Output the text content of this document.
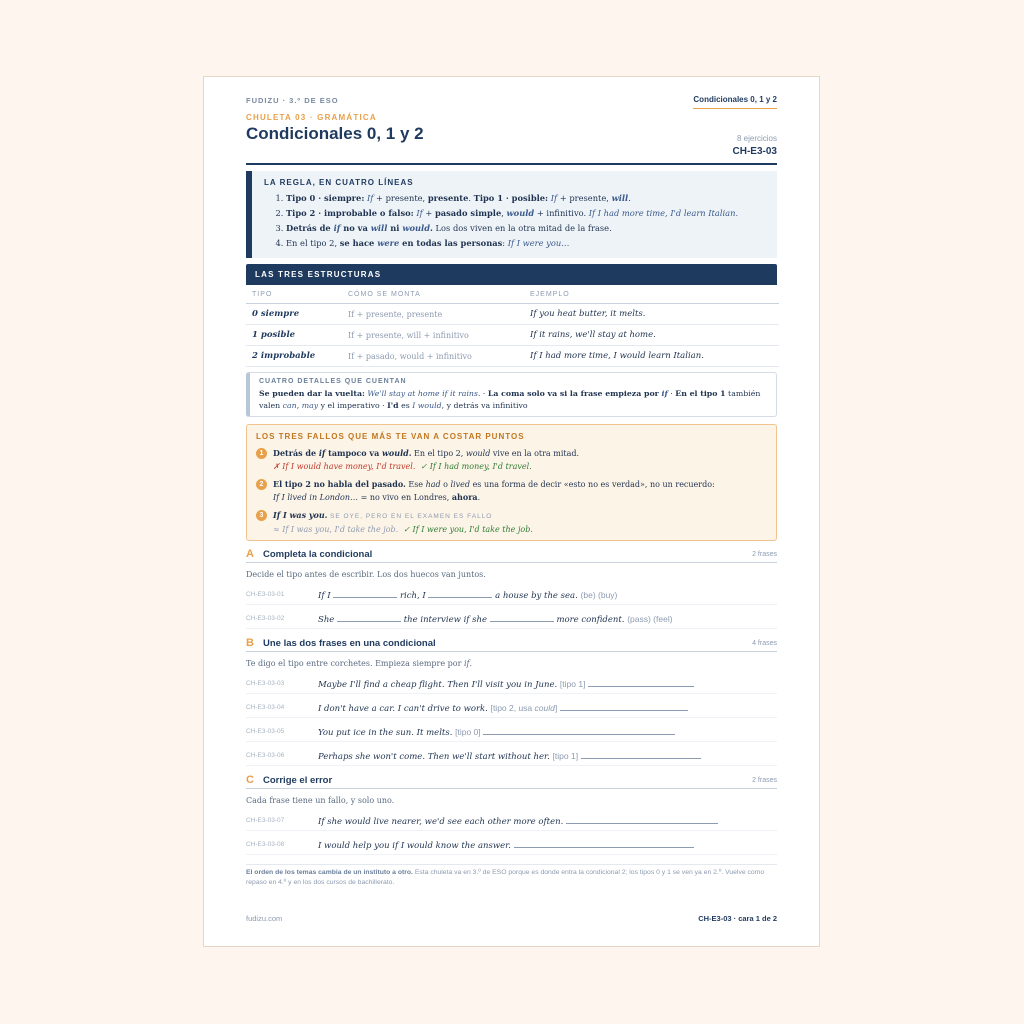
FUDIZU · 3.º DE ESO	Condicionales 0, 1 y 2
CHULETA 03 · GRAMÁTICA
Condicionales 0, 1 y 2	8 ejercicios
CH-E3-03
LA REGLA, EN CUATRO LÍNEAS
1. Tipo 0 · siempre: If + presente, presente. Tipo 1 · posible: If + presente, will.
2. Tipo 2 · improbable o falso: If + pasado simple, would + infinitivo. If I had more time, I'd learn Italian.
3. Detrás de if no va will ni would. Los dos viven en la otra mitad de la frase.
4. En el tipo 2, se hace were en todas las personas: If I were you…
LAS TRES ESTRUCTURAS
TIPO	CÓMO SE MONTA	EJEMPLO
0 siempre	If + presente, presente	If you heat butter, it melts.
1 posible	If + presente, will + infinitivo	If it rains, we'll stay at home.
2 improbable	If + pasado, would + infinitivo	If I had more time, I would learn Italian.
CUATRO DETALLES QUE CUENTAN

Se pueden dar la vuelta: We'll stay at home if it rains. · La coma solo va si la frase empieza por if · En el tipo 1 también valen can, may y el imperativo · I'd es I would, y detrás va infinitivo

LOS TRES FALLOS QUE MÁS TE VAN A COSTAR PUNTOS
1	Detrás de if tampoco va would. En el tipo 2, would vive en la otra mitad.
✗ If I would have money, I'd travel. ✓ If I had money, I'd travel.
2	El tipo 2 no habla del pasado. Ese had o lived es una forma de decir «esto no es verdad», no un recuerdo:
If I lived in London… = no vivo en Londres, ahora.
3	If I was you. SE OYE, PERO EN EL EXAMEN ES FALLO
≈ If I was you, I'd take the job. ✓ If I were you, I'd take the job.
A Completa la condicional	2 frases
Decide el tipo antes de escribir. Los dos huecos van juntos.
CH-E3-03-01	If I	rich, I	a house by the sea. (be) (buy)
CH-E3-03-02	She	the interview if she	more confident. (pass) (feel)
B Une las dos frases en una condicional	4 frases
Te digo el tipo entre corchetes. Empieza siempre por if.
CH-E3-03-03	Maybe I'll find a cheap flight. Then I'll visit you in June. [tipo 1]
CH-E3-03-04	I don't have a car. I can't drive to work. [tipo 2, usa could]
CH-E3-03-05	You put ice in the sun. It melts. [tipo 0]
CH-E3-03-06	Perhaps she won't come. Then we'll start without her. [tipo 1]
C Corrige el error	2 frases
Cada frase tiene un fallo, y solo uno.
CH-E3-03-07	If she would live nearer, we'd see each other more often.
CH-E3-03-08	I would help you if I would know the answer.
El orden de los temas cambia de un instituto a otro. Esta chuleta va en 3.º de ESO porque es donde entra la condicional 2; los tipos 0 y 1 se ven ya en 2.º. Vuelve como repaso en 4.º y en los dos cursos de bachillerato.
fudizu.com	CH-E3-03 · cara 1 de 2
